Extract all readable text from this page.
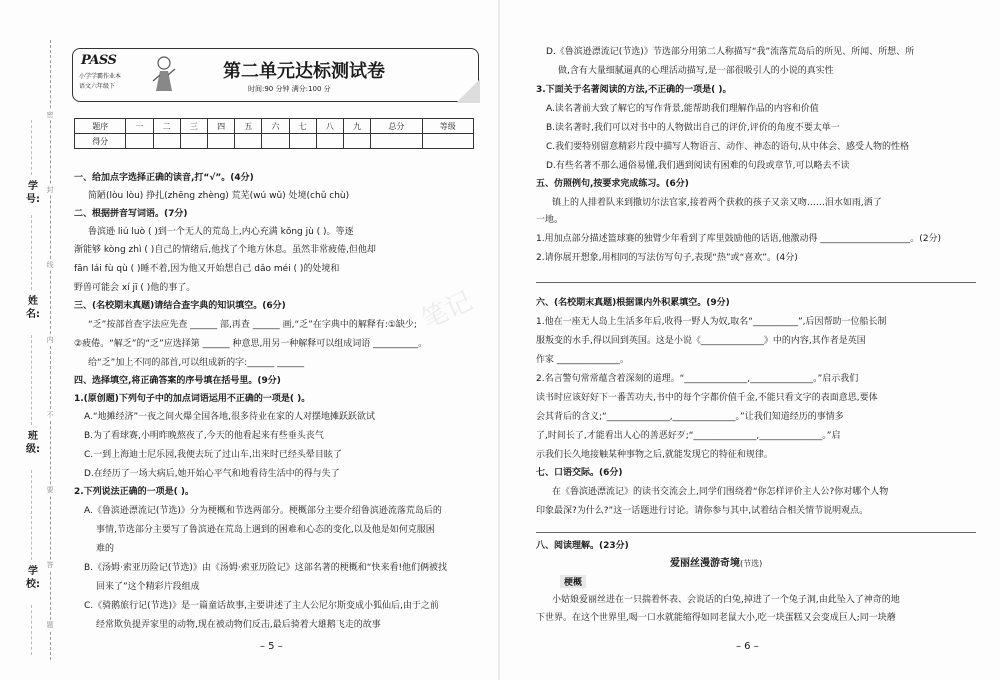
学号:
姓名:
班级:
学校:
密
封
线
内
不
要
答
题
PASS
小学学霸作业本
语文六年级下
第二单元达标测试卷
时间:90 分钟 满分:100 分
题序	一	二	三	四	五	六	七	八	九	总分	等级
得分											
一、给加点字选择正确的读音,打“√”。(4分)
简陋(lòu lòu) 挣扎(zhēng zhèng) 荒芜(wú wǔ) 处境(chǔ chù)
二、根据拼音写词语。(7分)
鲁滨逊 liú luò ( )到一个无人的荒岛上,内心充满 kǒng jù ( )。等逐
渐能够 kòng zhì ( )自己的情绪后,他找了个地方休息。虽然非常疲倦,但他却
fān lái fù qù ( )睡不着,因为他又开始想自己 dǎo méi ( )的处境和
野兽可能会 xí jī ( )他的事了。
三、(名校期末真题)请结合查字典的知识填空。(6分)
“乏”按部首查字法应先查 ______ 部,再查 ______ 画,“乏”在字典中的解释有:①缺少;
②疲倦。“解乏”的“乏”应选择第 ______ 种意思,用另一种解释可以组成词语 __________。
给“乏”加上不同的部首,可以组成新的字:______ ______
四、选择填空,将正确答案的序号填在括号里。(9分)
1.(原创题)下列句子中的加点词语运用不正确的一项是( )。
A.“地摊经济”一夜之间火爆全国各地,很多待业在家的人对摆地摊跃跃欲试
B.为了看球赛,小明昨晚熬夜了,今天的他看起来有些垂头丧气
C.一到上海迪士尼乐园,我便去玩了过山车,出来时已经头晕目眩了
D.在经历了一场大病后,她开始心平气和地看待生活中的得与失了
2.下列说法正确的一项是( )。
A.《鲁滨逊漂流记(节选)》分为梗概和节选两部分。梗概部分主要介绍鲁滨逊流落荒岛后的
事情,节选部分主要写了鲁滨逊在荒岛上遇到的困难和心态的变化,以及他是如何克服困
难的
B.《汤姆·索亚历险记(节选)》由《汤姆·索亚历险记》这部名著的梗概和“快来看!他们俩被找
回来了”这个精彩片段组成
C.《骑鹅旅行记(节选)》是一篇童话故事,主要讲述了主人公尼尔斯变成小狐仙后,由于之前
经常欺负提弄家里的动物,现在被动物们反击,最后骑着大雄鹅飞走的故事
– 5 –
D.《鲁滨逊漂流记(节选)》节选部分用第二人称描写“我”流落荒岛后的所见、所闻、所想、所
做,含有大量细腻逼真的心理活动描写,是一部很吸引人的小说的真实性
3.下面关于名著阅读的方法,不正确的一项是( )。
A.读名著前大致了解它的写作背景,能帮助我们理解作品的内容和价值
B.读名著时,我们可以对书中的人物做出自己的评价,评价的角度不要太单一
C.我们要特别留意精彩片段中描写人物语言、动作、神态的语句,从中体会、感受人物的性格
D.有些名著不那么通俗易懂,我们遇到阅读有困难的句段或章节,可以略去不读
五、仿照例句,按要求完成练习。(6分)
镇上的人排着队来到撒切尔法官家,接着两个获救的孩子又亲又吻……泪水如雨,洒了
一地。
1.用加点部分描述篮球赛的独臂少年看到了库里鼓励他的话语,他激动得 ____________________。(2分)
2.请你展开想象,用相同的写法仿写句子,表现“热”或“喜欢”。(4分)
六、(名校期末真题)根据课内外积累填空。(9分)
1.他在一座无人岛上生活多年后,收得一野人为奴,取名“__________”,后因帮助一位船长制
服叛变的水手,得以回到英国。这是小说《______________》中的内容,其作者是英国
作家 ______________。
2.名言警句常常蕴含着深刻的道理。“______________,______________。”启示我们
读书时应该好好下一番苦功夫,书中的每个字都价值千金,不能只看文字的表面意思,要体
会其背后的含义;“______________,______________。”让我们知道经历的事情多
了,时间长了,才能看出人心的善恶好歹;“______________,______________。”启
示我们长久地接触某种事物之后,就能发现它的特征和规律。
七、口语交际。(6分)
在《鲁滨逊漂流记》的读书交流会上,同学们围绕着“你怎样评价主人公?你对哪个人物
印象最深?为什么?”这一话题进行讨论。请你参与其中,试着结合相关情节说明观点。
八、阅读理解。(23分)
爱丽丝漫游奇境(节选)
梗概
小姑娘爱丽丝进在一只揣着怀表、会说话的白兔,掉进了一个兔子洞,由此坠入了神奇的地
下世界。在这个世界里,喝一口水就能缩得如同老鼠大小,吃一块蛋糕又会变成巨人;同一块蘑
– 6 –
笔记
